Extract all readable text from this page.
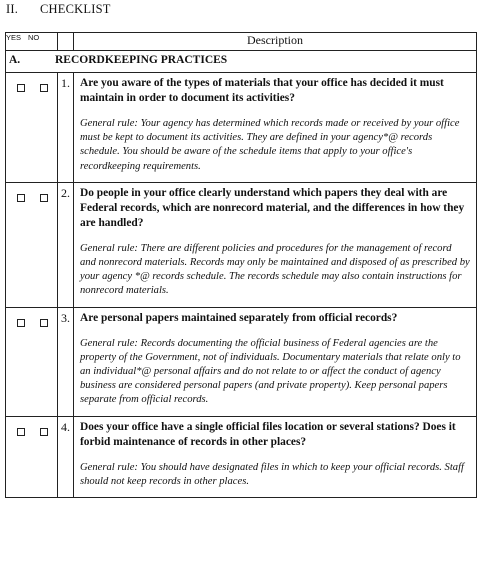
II. CHECKLIST
YES NO		Description
A. RECORDKEEPING PRACTICES		
	1.	Are you aware of the types of materials that your office has decided it must maintain in order to document its activities?

General rule: Your agency has determined which records made or received by your office must be kept to document its activities. They are defined in your agency*@ records schedule. You should be aware of the schedule items that apply to your office's recordkeeping requirements.

	2.	Do people in your office clearly understand which papers they deal with are Federal records, which are nonrecord material, and the differences in how they are handled?

General rule: There are different policies and procedures for the management of record and nonrecord materials. Records may only be maintained and disposed of as prescribed by your agency *@ records schedule. The records schedule may also contain instructions for nonrecord materials.

	3.	Are personal papers maintained separately from official records?

General rule: Records documenting the official business of Federal agencies are the property of the Government, not of individuals. Documentary materials that relate only to an individual*@ personal affairs and do not relate to or affect the conduct of agency business are considered personal papers (and private property). Keep personal papers separate from official records.

	4.	Does your office have a single official files location or several stations? Does it forbid maintenance of records in other places?

General rule: You should have designated files in which to keep your official records. Staff should not keep records in other places.
